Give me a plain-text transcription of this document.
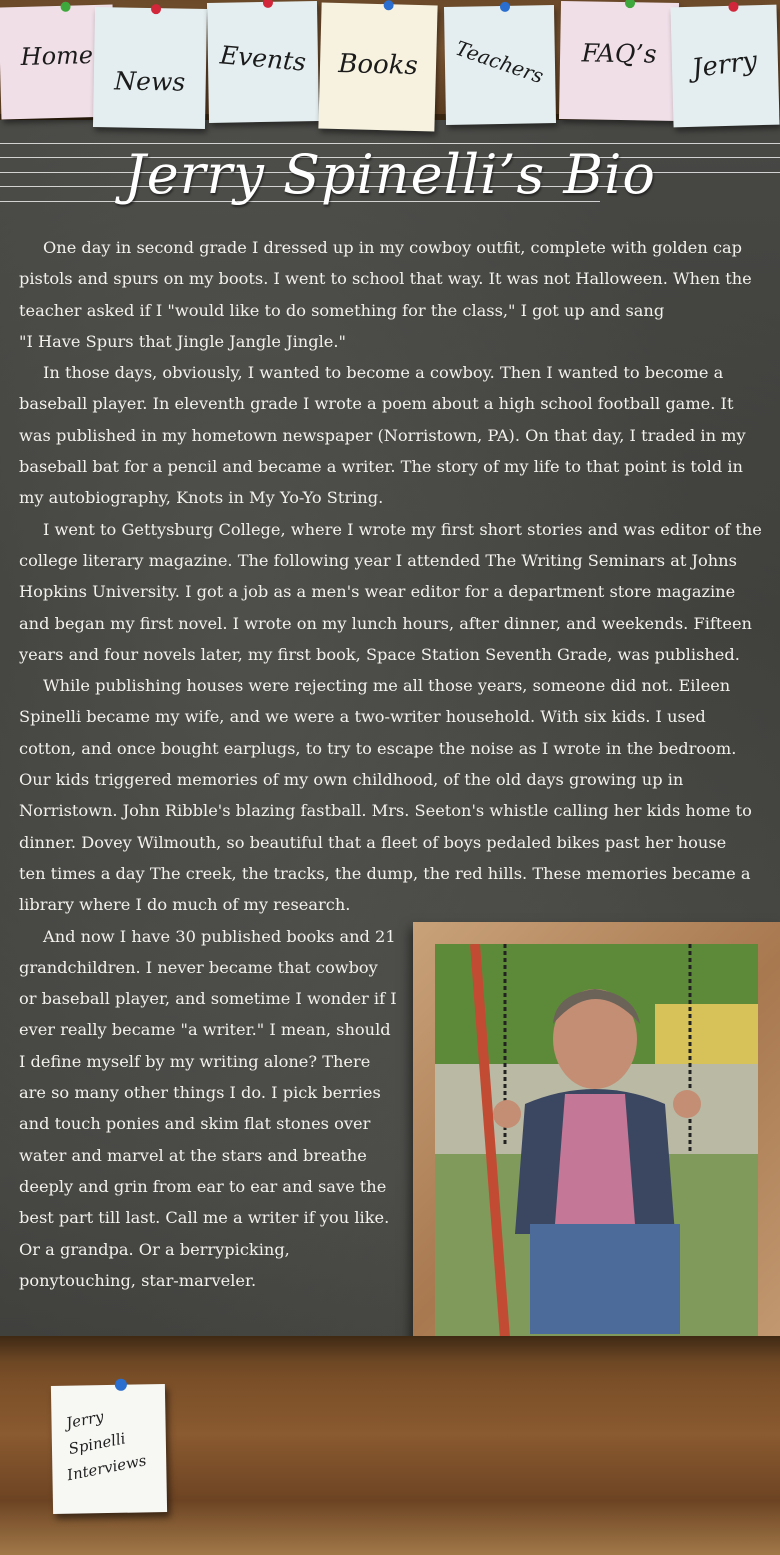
Home
News
Events Books Teachers FAQ’s Jerry
Jerry Spinelli’s Bio

One day in second grade I dressed up in my cowboy outfit, complete with golden cap pistols and spurs on my boots. I went to school that way. It was not Halloween. When the teacher asked if I "would like to do something for the class," I got up and sang

"I Have Spurs that Jingle Jangle Jingle."

In those days, obviously, I wanted to become a cowboy. Then I wanted to become a baseball player. In eleventh grade I wrote a poem about a high school football game. It was published in my hometown newspaper (Norristown, PA). On that day, I traded in my baseball bat for a pencil and became a writer. The story of my life to that point is told in my autobiography, Knots in My Yo-Yo String.

I went to Gettysburg College, where I wrote my first short stories and was editor of the college literary magazine. The following year I attended The Writing Seminars at Johns Hopkins University. I got a job as a men's wear editor for a department store magazine and began my first novel. I wrote on my lunch hours, after dinner, and weekends. Fifteen years and four novels later, my first book, Space Station Seventh Grade, was published.

While publishing houses were rejecting me all those years, someone did not. Eileen Spinelli became my wife, and we were a two-writer household. With six kids. I used cotton, and once bought earplugs, to try to escape the noise as I wrote in the bedroom. Our kids triggered memories of my own childhood, of the old days growing up in Norristown. John Ribble's blazing fastball. Mrs. Seeton's whistle calling her kids home to dinner. Dovey Wilmouth, so beautiful that a fleet of boys pedaled bikes past her house ten times a day The creek, the tracks, the dump, the red hills. These memories became a library where I do much of my research.

And now I have 30 published books and 21 grandchildren. I never became that cowboy or baseball player, and sometime I wonder if I ever really became "a writer." I mean, should I define myself by my writing alone? There are so many other things I do. I pick berries and touch ponies and skim flat stones over water and marvel at the stars and breathe deeply and grin from ear to ear and save the best part till last. Call me a writer if you like. Or a grandpa. Or a berrypicking, ponytouching, star-marveler.

Jerry
Spinelli
Interviews
